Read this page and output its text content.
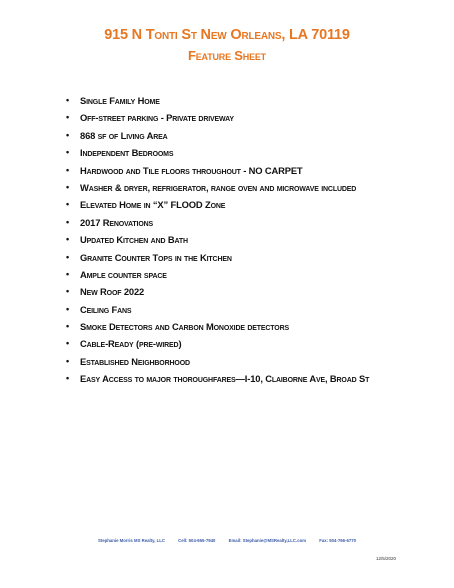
915 N Tonti St New Orleans, LA 70119
Feature Sheet
•	Single Family Home
•	Off-street parking - Private driveway
•	868 sf of Living Area
•	Independent Bedrooms
•	Hardwood and Tile floors throughout - NO CARPET
•	Washer & dryer, refrigerator, range oven and microwave included
•	Elevated Home in “X” FLOOD Zone
•	2017 Renovations
•	Updated Kitchen and Bath
•	Granite Counter Tops in the Kitchen
•	Ample counter space
•	New Roof 2022
•	Ceiling Fans
•	Smoke Detectors and Carbon Monoxide detectors
•	Cable-Ready (pre-wired)
•	Established Neighborhood
•	Easy Access to major thoroughfares—I-10, Claiborne Ave, Broad St
Stephanie Morris MS Realty, LLC	Cell: 504-655-7940	Email: Stephanie@MSRealty,LLC.com	Fax: 504-766-6770
12/5/2020
